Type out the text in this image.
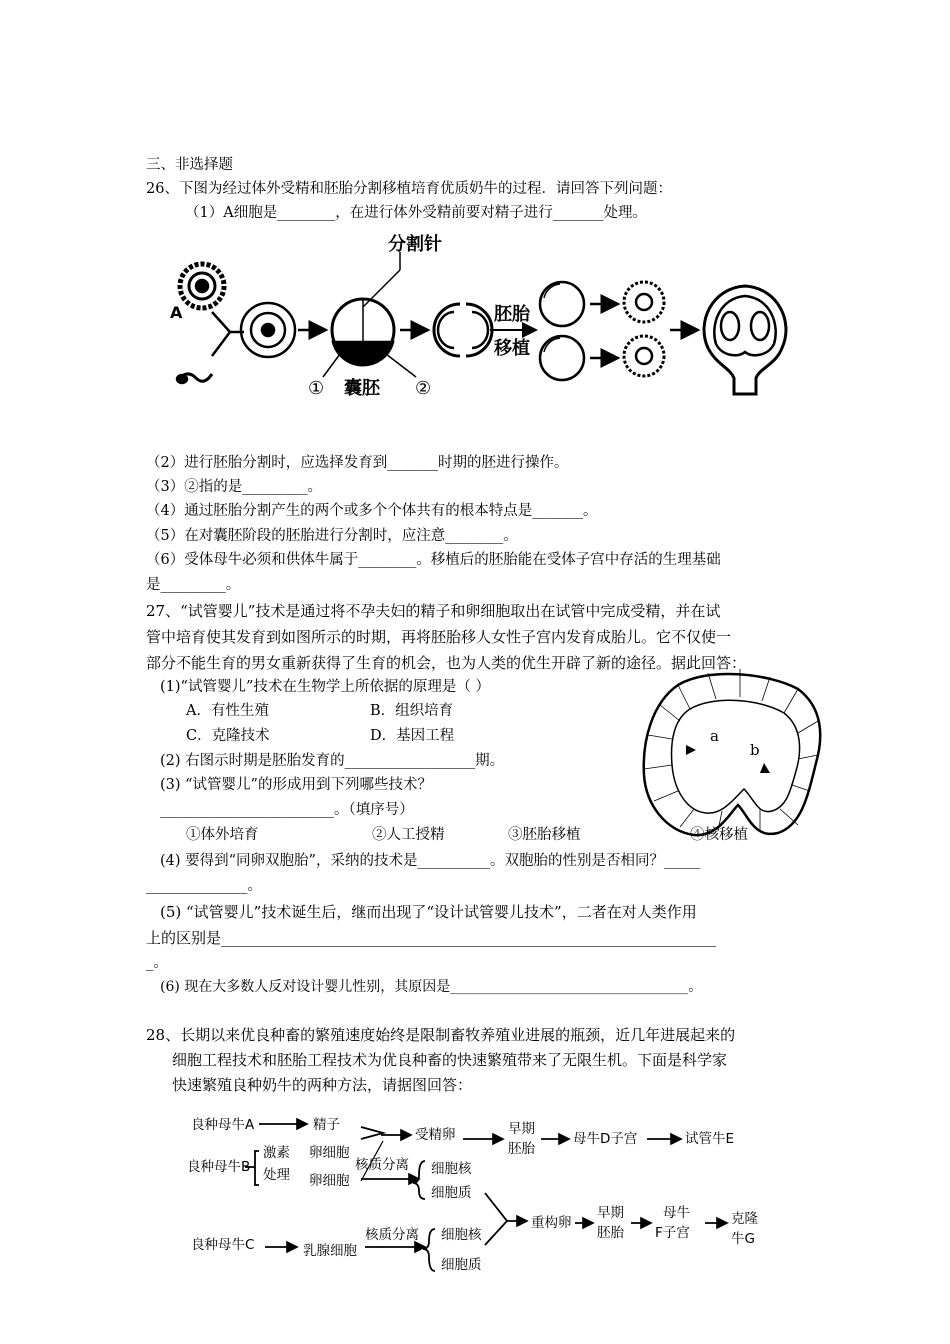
三、非选择题
26、下图为经过体外受精和胚胎分割移植培育优质奶牛的过程．请回答下列问题：
（1）A细胞是________，在进行体外受精前要对精子进行_______处理。
分割针
A
① 囊胚 ②
胚胎
移植
（2）进行胚胎分割时，应选择发育到_______时期的胚进行操作。
（3）②指的是_________。
（4）通过胚胎分割产生的两个或多个个体共有的根本特点是_______。
（5）在对囊胚阶段的胚胎进行分割时，应注意________。
（6）受体母牛必须和供体牛属于________。移植后的胚胎能在受体子宫中存活的生理基础
是_________。
27、“试管婴儿”技术是通过将不孕夫妇的精子和卵细胞取出在试管中完成受精，并在试
管中培育使其发育到如图所示的时期，再将胚胎移人女性子宫内发育成胎儿。它不仅使一
部分不能生育的男女重新获得了生育的机会，也为人类的优生开辟了新的途径。据此回答：
(1)“试管婴儿”技术在生物学上所依据的原理是（ ）
A．有性生殖	B．组织培育
C．克隆技术	D．基因工程
(2) 右图示时期是胚胎发育的__________________期。
(3) “试管婴儿”的形成用到下列哪些技术？
________________________。（填序号）
①体外培育	②人工授精	③胚胎移植	④核移植
(4) 要得到“同卵双胞胎”，采纳的技术是__________。双胞胎的性别是否相同？_____
______________。
(5) “试管婴儿”技术诞生后，继而出现了“设计试管婴儿技术”，二者在对人类作用
上的区别是__________________________________________________________________
_。
(6) 现在大多数人反对设计婴儿性别，其原因是__________________________________。
a
b
28、长期以来优良种畜的繁殖速度始终是限制畜牧养殖业进展的瓶颈，近几年进展起来的
细胞工程技术和胚胎工程技术为优良种畜的快速繁殖带来了无限生机。下面是科学家
快速繁殖良种奶牛的两种方法，请据图回答：
良种母牛A	精子
受精卵	早期
胚胎
母牛D子宫	试管牛E
良种母牛B
激素
处理
卵细胞
卵细胞
核质分离 细胞核
细胞质
重构卵
早期
胚胎
母牛
F子宫
克隆
牛G
良种母牛C	乳腺细胞
核质分离 细胞核
细胞质
